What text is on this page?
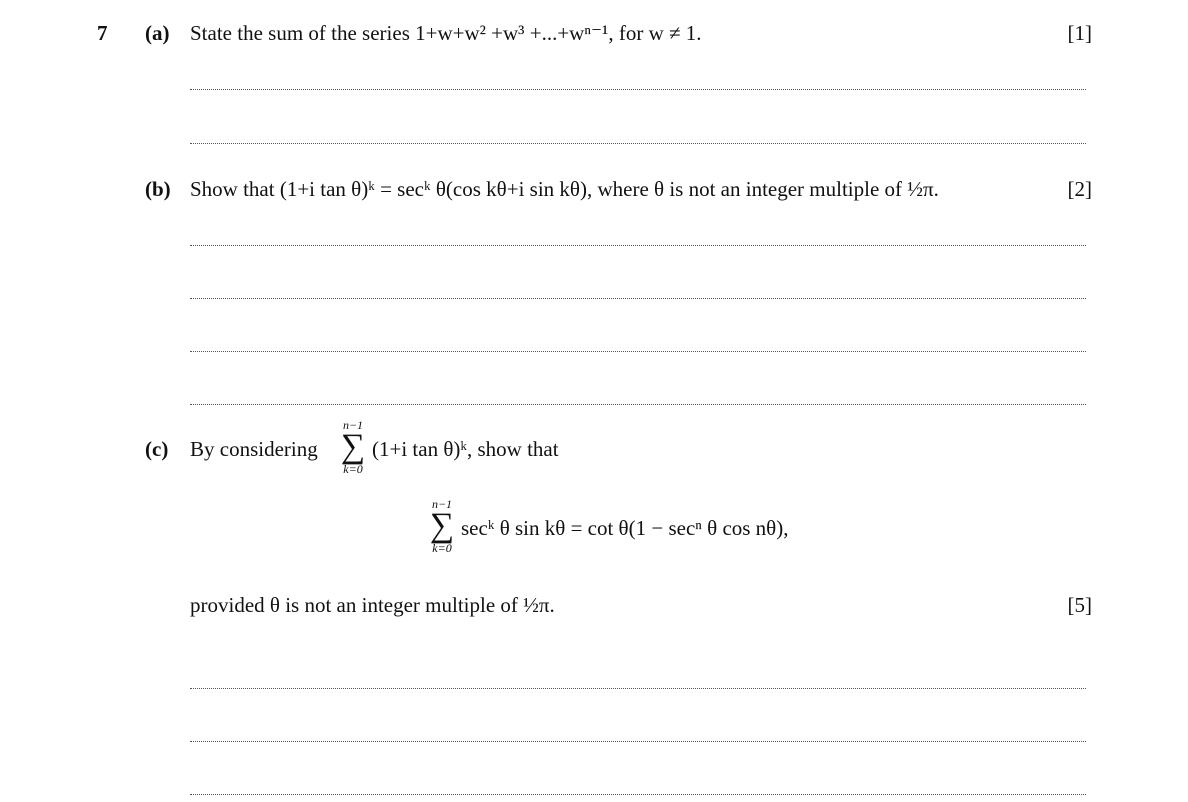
7 (a) State the sum of the series 1+w+w² +w³ +...+wⁿ⁻¹, for w ≠ 1.	[1]
(b) Show that (1+i tan θ)ᵏ = secᵏ θ(cos kθ+i sin kθ), where θ is not an integer multiple of ½π.	[2]
(c) By considering
n−1
∑
k=0
(1+i tan θ)ᵏ, show that
n−1
∑
k=0
secᵏ θ sin kθ = cot θ(1 − secⁿ θ cos nθ),
provided θ is not an integer multiple of ½π.	[5]
